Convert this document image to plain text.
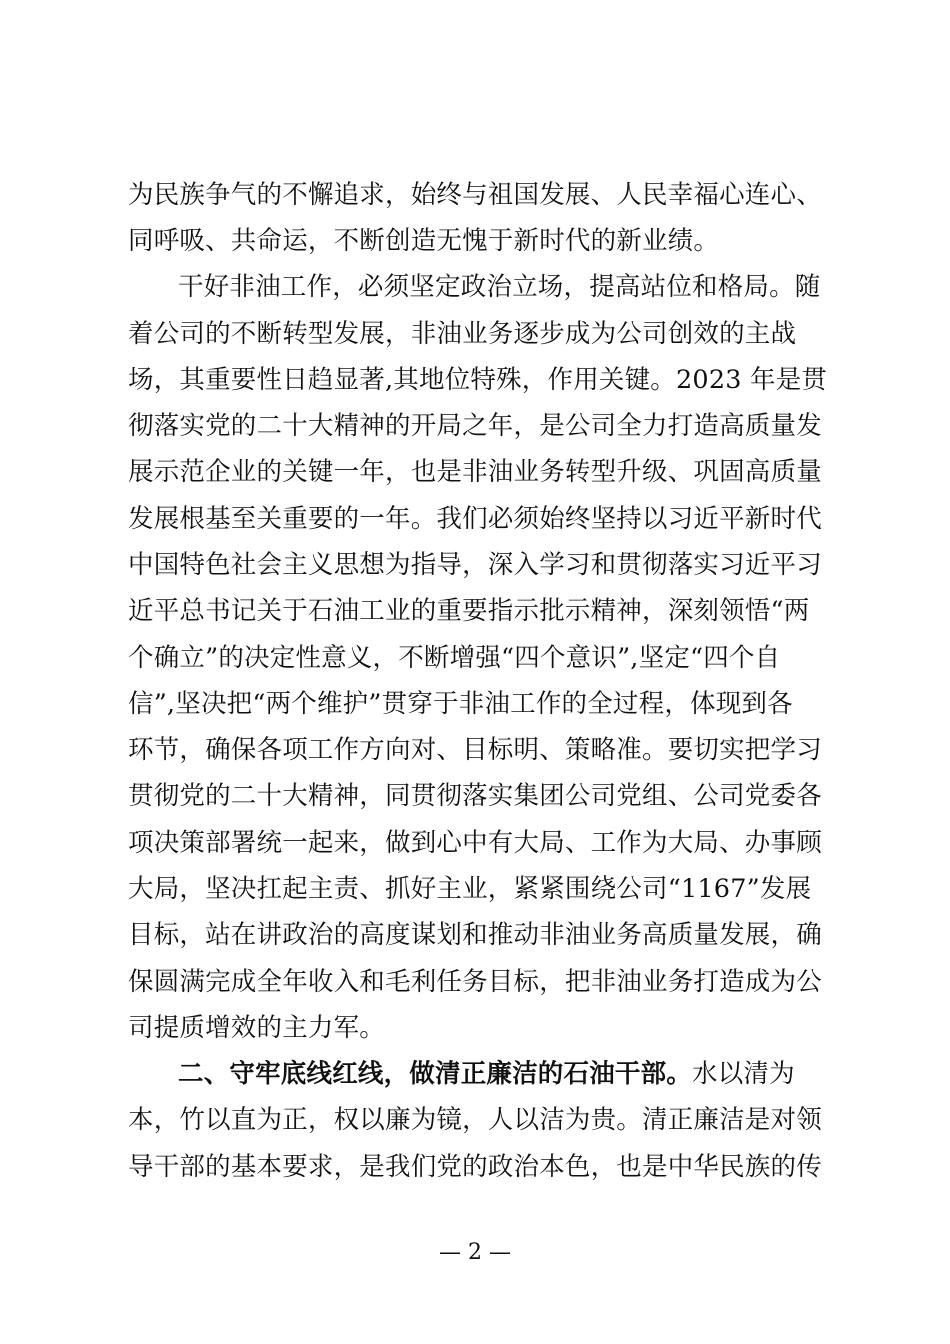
为民族争气的不懈追求，始终与祖国发展、人民幸福心连心、
同呼吸、共命运，不断创造无愧于新时代的新业绩。
干好非油工作，必须坚定政治立场，提高站位和格局。随
着公司的不断转型发展，非油业务逐步成为公司创效的主战
场，其重要性日趋显著,其地位特殊，作用关键。2023 年是贯
彻落实党的二十大精神的开局之年，是公司全力打造高质量发
展示范企业的关键一年，也是非油业务转型升级、巩固高质量
发展根基至关重要的一年。我们必须始终坚持以习近平新时代
中国特色社会主义思想为指导，深入学习和贯彻落实习近平习
近平总书记关于石油工业的重要指示批示精神，深刻领悟“两
个确立”的决定性意义，不断增强“四个意识”,坚定“四个自
信”,坚决把“两个维护”贯穿于非油工作的全过程，体现到各
环节，确保各项工作方向对、目标明、策略准。要切实把学习
贯彻党的二十大精神，同贯彻落实集团公司党组、公司党委各
项决策部署统一起来，做到心中有大局、工作为大局、办事顾
大局，坚决扛起主责、抓好主业，紧紧围绕公司“1167”发展
目标，站在讲政治的高度谋划和推动非油业务高质量发展，确
保圆满完成全年收入和毛利任务目标，把非油业务打造成为公
司提质增效的主力军。
二、守牢底线红线，做清正廉洁的石油干部。水以清为
本，竹以直为正，权以廉为镜，人以洁为贵。清正廉洁是对领
导干部的基本要求，是我们党的政治本色，也是中华民族的传
— 2 —
